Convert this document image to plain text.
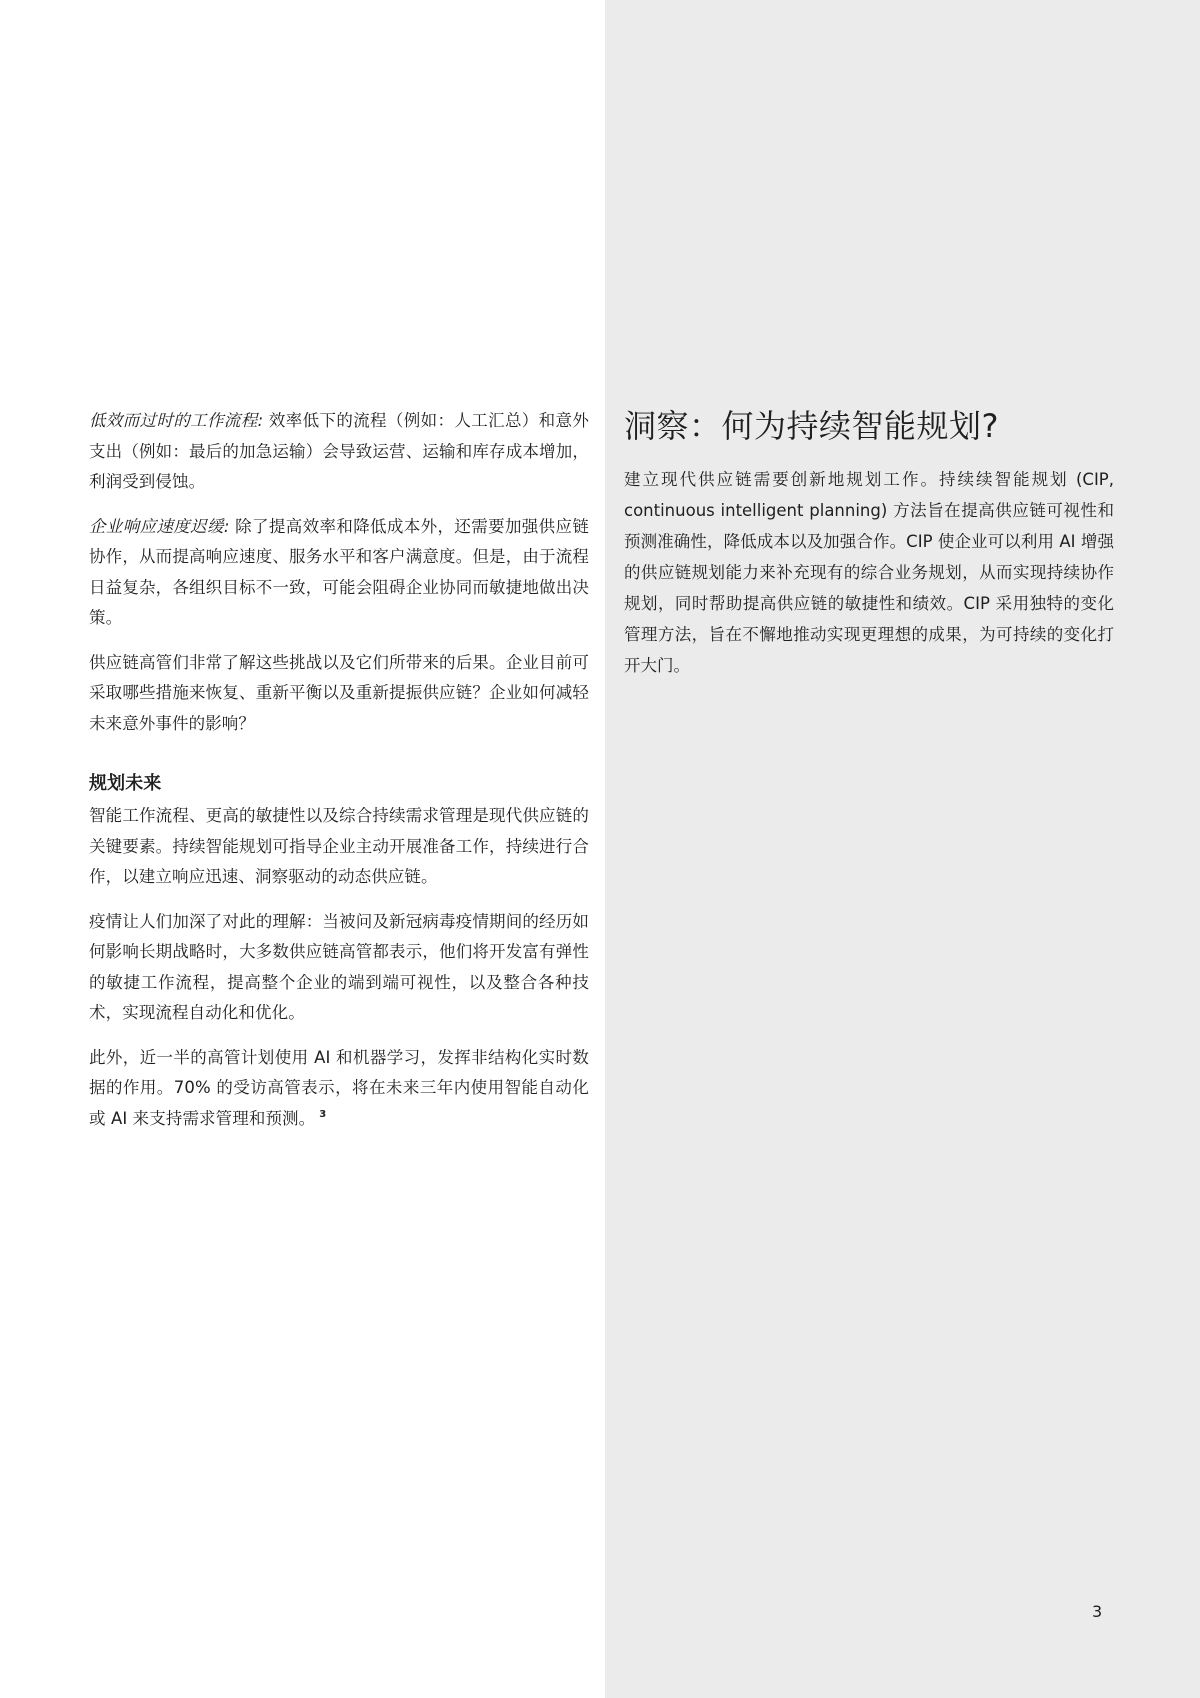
低效而过时的工作流程: 效率低下的流程（例如：人工汇总）和意外支出（例如：最后的加急运输）会导致运营、运输和库存成本增加，利润受到侵蚀。

企业响应速度迟缓: 除了提高效率和降低成本外，还需要加强供应链协作，从而提高响应速度、服务水平和客户满意度。但是，由于流程日益复杂，各组织目标不一致，可能会阻碍企业协同而敏捷地做出决策。

供应链高管们非常了解这些挑战以及它们所带来的后果。企业目前可采取哪些措施来恢复、重新平衡以及重新提振供应链？企业如何减轻未来意外事件的影响？

规划未来

智能工作流程、更高的敏捷性以及综合持续需求管理是现代供应链的关键要素。持续智能规划可指导企业主动开展准备工作，持续进行合作，以建立响应迅速、洞察驱动的动态供应链。

疫情让人们加深了对此的理解：当被问及新冠病毒疫情期间的经历如何影响长期战略时，大多数供应链高管都表示，他们将开发富有弹性的敏捷工作流程，提高整个企业的端到端可视性，以及整合各种技术，实现流程自动化和优化。

此外，近一半的高管计划使用 AI 和机器学习，发挥非结构化实时数据的作用。70% 的受访高管表示，将在未来三年内使用智能自动化或 AI 来支持需求管理和预测。 $^3$

洞察：何为持续智能规划?

建立现代供应链需要创新地规划工作。持续续智能规划 (CIP, continuous intelligent planning) 方法旨在提高供应链可视性和预测准确性，降低成本以及加强合作。CIP 使企业可以利用 AI 增强的供应链规划能力来补充现有的综合业务规划，从而实现持续协作规划，同时帮助提高供应链的敏捷性和绩效。CIP 采用独特的变化管理方法，旨在不懈地推动实现更理想的成果，为可持续的变化打开大门。

3
